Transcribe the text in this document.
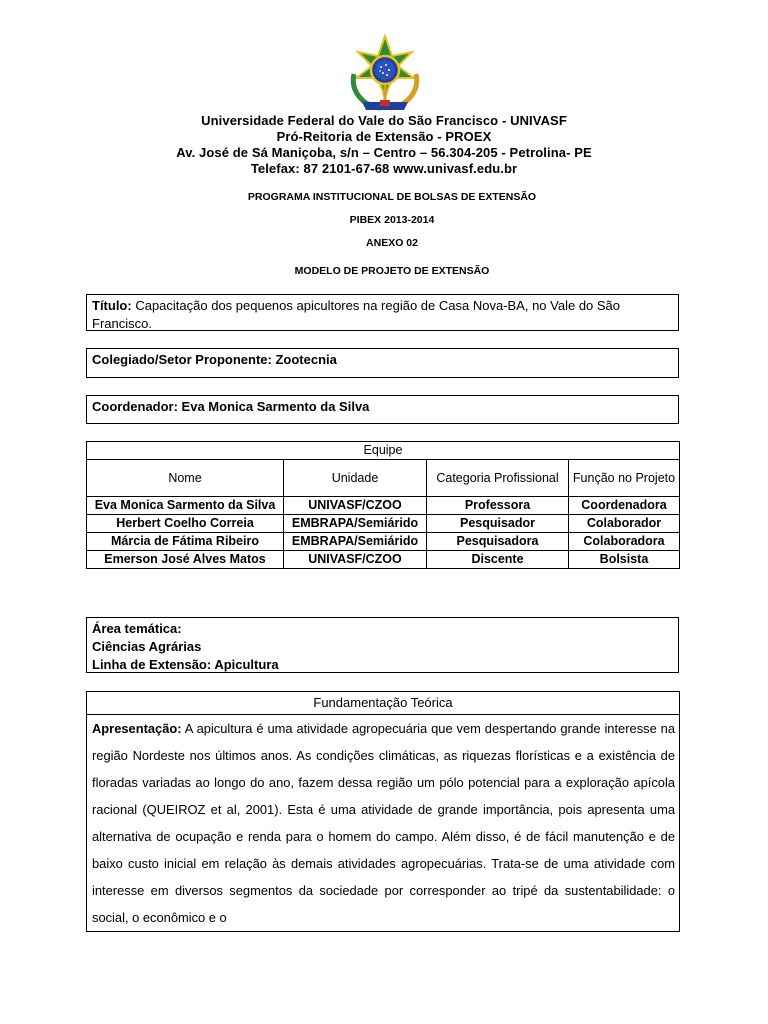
Universidade Federal do Vale do São Francisco - UNIVASF
Pró-Reitoria de Extensão - PROEX
Av. José de Sá Maniçoba, s/n – Centro – 56.304-205 - Petrolina- PE
Telefax: 87 2101-67-68 www.univasf.edu.br
PROGRAMA INSTITUCIONAL DE BOLSAS DE EXTENSÃO
PIBEX 2013-2014
ANEXO 02
MODELO DE PROJETO DE EXTENSÃO
Título: Capacitação dos pequenos apicultores na região de Casa Nova-BA, no Vale do São Francisco.
Colegiado/Setor Proponente: Zootecnia
Coordenador: Eva Monica Sarmento da Silva
Equipe			
Nome	Unidade	Categoria Profissional	Função no Projeto
Eva Monica Sarmento da Silva	UNIVASF/CZOO	Professora	Coordenadora
Herbert Coelho Correia	EMBRAPA/Semiárido	Pesquisador	Colaborador
Márcia de Fátima Ribeiro	EMBRAPA/Semiárido	Pesquisadora	Colaboradora
Emerson José Alves Matos	UNIVASF/CZOO	Discente	Bolsista
Área temática:
Ciências Agrárias
Linha de Extensão: Apicultura
Fundamentação Teórica
Apresentação: A apicultura é uma atividade agropecuária que vem despertando grande interesse na região Nordeste nos últimos anos. As condições climáticas, as riquezas florísticas e a existência de floradas variadas ao longo do ano, fazem dessa região um pólo potencial para a exploração apícola racional (QUEIROZ et al, 2001). Esta é uma atividade de grande importância, pois apresenta uma alternativa de ocupação e renda para o homem do campo. Além disso, é de fácil manutenção e de baixo custo inicial em relação às demais atividades agropecuárias. Trata-se de uma atividade com interesse em diversos segmentos da sociedade por corresponder ao tripé da sustentabilidade: o social, o econômico e o
